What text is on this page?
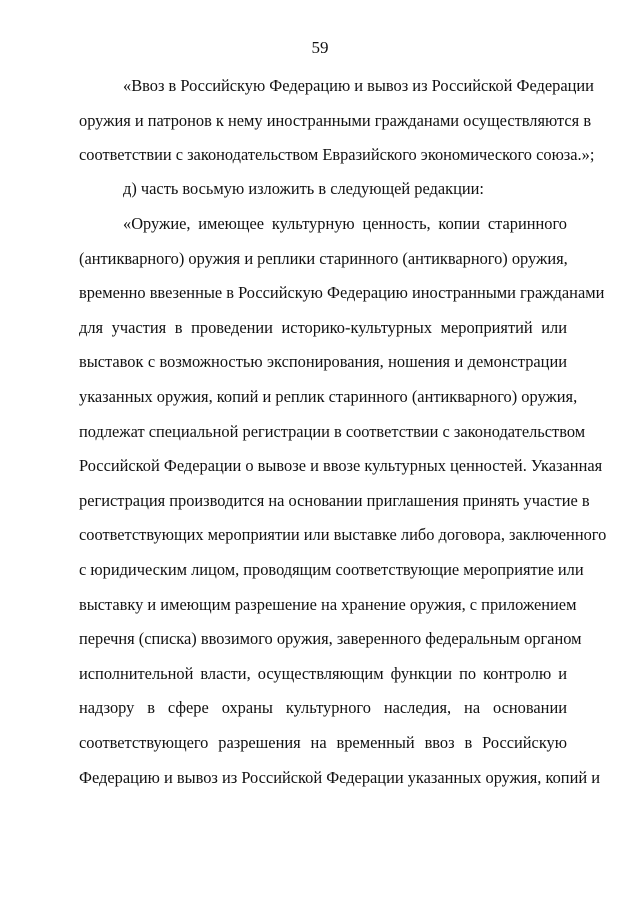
59
«Ввоз в Российскую Федерацию и вывоз из Российской Федерации
оружия и патронов к нему иностранными гражданами осуществляются в
соответствии с законодательством Евразийского экономического союза.»;
д) часть восьмую изложить в следующей редакции:
«Оружие, имеющее культурную ценность, копии старинного
(антикварного) оружия и реплики старинного (антикварного) оружия,
временно ввезенные в Российскую Федерацию иностранными гражданами
для участия в проведении историко-культурных мероприятий или
выставок с возможностью экспонирования, ношения и демонстрации
указанных оружия, копий и реплик старинного (антикварного) оружия,
подлежат специальной регистрации в соответствии с законодательством
Российской Федерации о вывозе и ввозе культурных ценностей. Указанная
регистрация производится на основании приглашения принять участие в
соответствующих мероприятии или выставке либо договора, заключенного
с юридическим лицом, проводящим соответствующие мероприятие или
выставку и имеющим разрешение на хранение оружия, с приложением
перечня (списка) ввозимого оружия, заверенного федеральным органом
исполнительной власти, осуществляющим функции по контролю и
надзору в сфере охраны культурного наследия, на основании
соответствующего разрешения на временный ввоз в Российскую
Федерацию и вывоз из Российской Федерации указанных оружия, копий и
